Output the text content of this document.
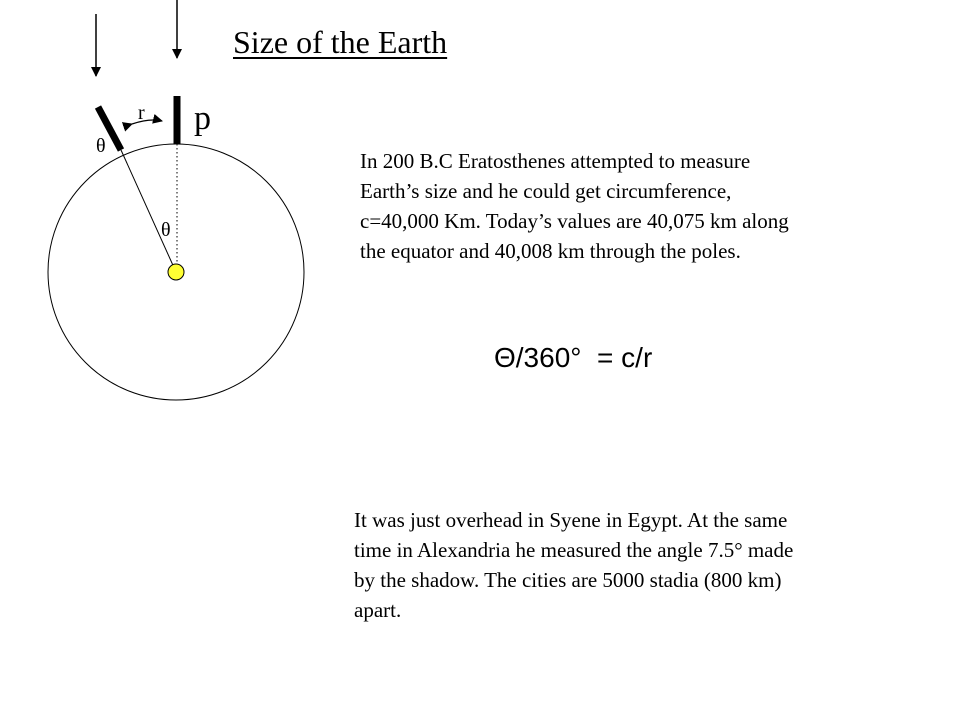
Size of the Earth
r p
θ
θ
In 200 B.C Eratosthenes attempted to measure
Earth’s size and he could get circumference,
c=40,000 Km. Today’s values are 40,075 km along
the equator and 40,008 km through the poles.
Θ/360° = c/r
It was just overhead in Syene in Egypt. At the same
time in Alexandria he measured the angle 7.5° made
by the shadow. The cities are 5000 stadia (800 km)
apart.
